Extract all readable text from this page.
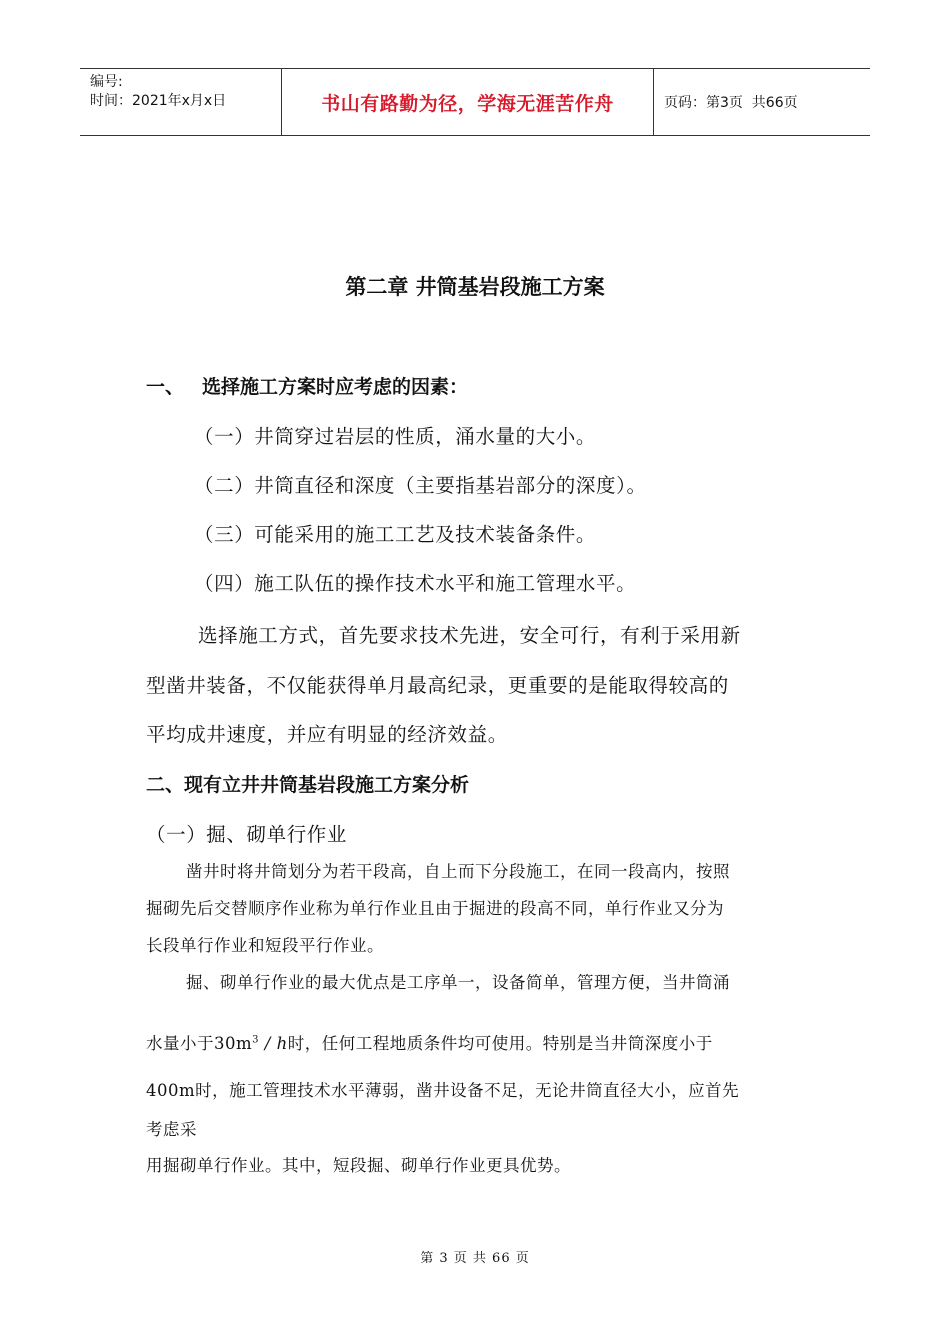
编号:
时间：2021年x月x日	书山有路勤为径，学海无涯苦作舟	页码：第3页  共66页
第二章 井筒基岩段施工方案
一、 选择施工方案时应考虑的因素：
（一）井筒穿过岩层的性质，涌水量的大小。
（二）井筒直径和深度（主要指基岩部分的深度）。
（三）可能采用的施工工艺及技术装备条件。
（四）施工队伍的操作技术水平和施工管理水平。
选择施工方式，首先要求技术先进，安全可行，有利于采用新
型凿井装备，不仅能获得单月最高纪录，更重要的是能取得较高的
平均成井速度，并应有明显的经济效益。
二、现有立井井筒基岩段施工方案分析
（一）掘、砌单行作业
凿井时将井筒划分为若干段高，自上而下分段施工，在同一段高内，按照
掘砌先后交替顺序作业称为单行作业且由于掘进的段高不同，单行作业又分为
长段单行作业和短段平行作业。
掘、砌单行作业的最大优点是工序单一，设备简单，管理方便，当井筒涌
水量小于$30m^3$ / h时，任何工程地质条件均可使用。特别是当井筒深度小于
400m时，施工管理技术水平薄弱，凿井设备不足，无论井筒直径大小，应首先
考虑采
用掘砌单行作业。其中，短段掘、砌单行作业更具优势。
第 3 页 共 66 页
